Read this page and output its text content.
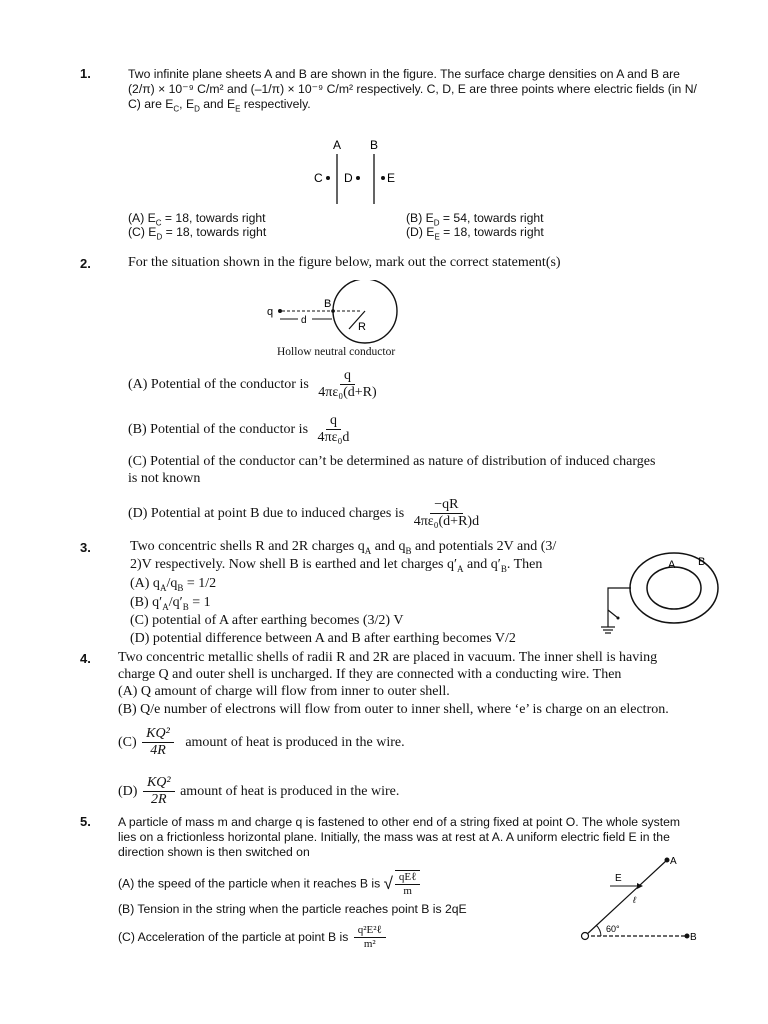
1.	Two infinite plane sheets A and B are shown in the figure. The surface charge densities on A and B are
(2/π) × 10⁻⁹ C/m² and (–1/π) × 10⁻⁹ C/m² respectively. C, D, E are three points where electric fields (in N/
C) are $E_C$, $E_D$ and $E_E$ respectively.
A B
C D	E
(A) $E_C = 18$, towards right	(B) $E_D = 54$, towards right
(C) $E_D = 18$, towards right	(D) $E_E = 18$, towards right
2.	For the situation shown in the figure below, mark out the correct statement(s)
q
d
B
R
Hollow neutral conductor
(A) Potential of the conductor is $\frac{q}{\text{4πε₀(d+R)}}$
(B) Potential of the conductor is $\frac{q}{\text{4πε₀d}}$
(C) Potential of the conductor can’t be determined as nature of distribution of induced charges
is not known
(D) Potential at point B due to induced charges is $\frac{-qR}{\text{4πε₀(d+R)d}}$
3.	Two concentric shells R and 2R charges $q_A$ and $q_B$ and potentials 2V and (3/
2)V respectively. Now shell B is earthed and let charges $q'_A$ and $q'_B$. Then
(A) $q_A/q_B = 1/2$
(B) $q'_A/q'_B = 1$
(C) potential of A after earthing becomes (3/2) V
(D) potential difference between A and B after earthing becomes V/2
A B
4. Two concentric metallic shells of radii R and 2R are placed in vacuum. The inner shell is having
charge Q and outer shell is uncharged. If they are connected with a conducting wire. Then
(A) Q amount of charge will flow from inner to outer shell.
(B) Q/e number of electrons will flow from outer to inner shell, where ‘e’ is charge on an electron.
$(C) \frac{\text{KQ²}}{4R}$ amount of heat is produced in the wire.
$(D) \frac{\text{KQ²}}{2R}$ amount of heat is produced in the wire.
5. A particle of mass m and charge q is fastened to other end of a string fixed at point O. The whole system
lies on a frictionless horizontal plane. Initially, the mass was at rest at A. A uniform electric field E in the
direction shown is then switched on
(A) the speed of the particle when it reaches B is √ $\frac{\text{qEℓ}}{m}$
(B) Tension in the string when the particle reaches point B is 2qE
(C) Acceleration of the particle at point B is $\frac{\text{q²E²ℓ}}{\text{m²}}$
A
B
E
ℓ
60°
